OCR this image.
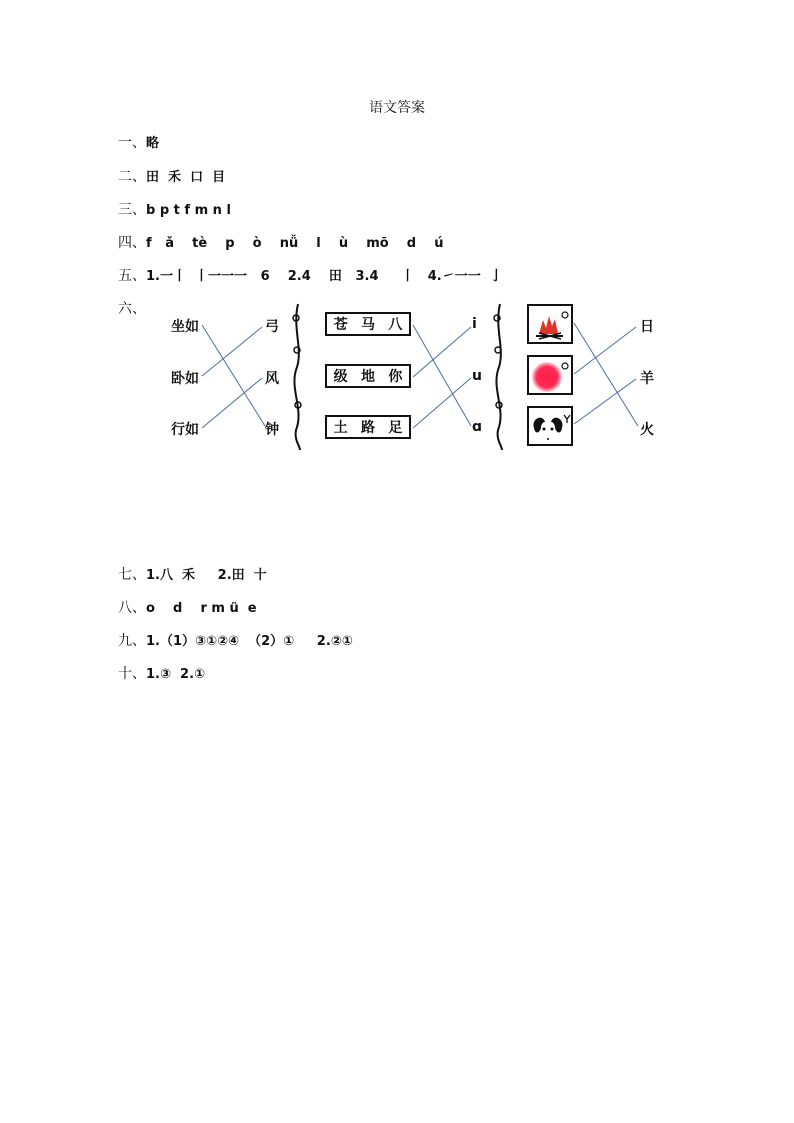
语文答案
一、略
二、田  禾  口  目
三、b p t f m n l
四、f   ǎ    tè    p    ò    nǚ    l    ù    mō    d    ú
五、1.一丨  丨一一一   6    2.4    田   3.4     丨   4.㇀一一  亅
六、
七、1.八  禾     2.田  十
八、o    d    r m ü  e
九、1.（1）③①②④  （2）①     2.②①
十、1.③  2.①
坐如
卧如
行如
弓
风
钟
苍 马 八
级 地 你
土 路 足
i
u
ɑ
日
羊
火
